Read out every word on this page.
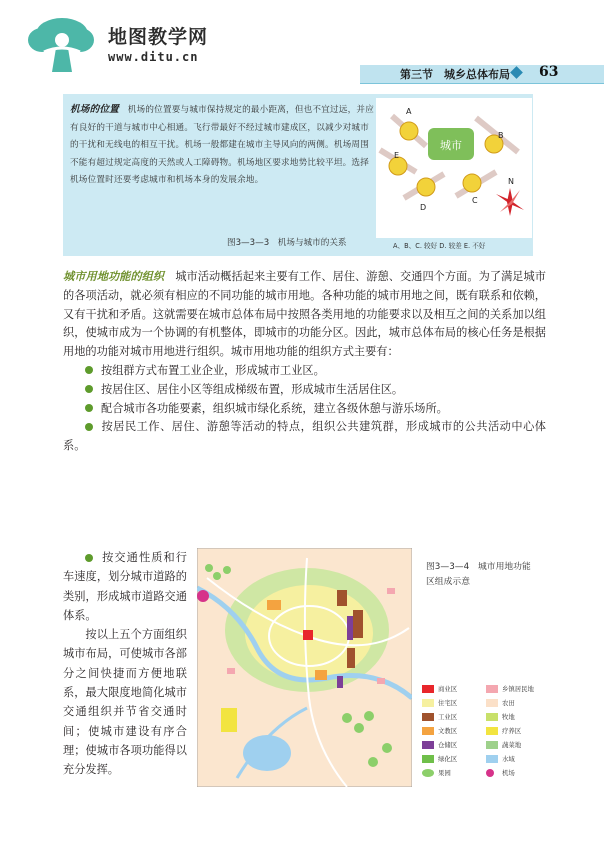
地图教学网
www.ditu.cn
第三节　城乡总体布局 63
机场的位置　 机场的位置要与城市保持规定的最小距离，但也不宜过远，并应有良好的干道与城市中心相通。飞行带最好不经过城市建成区，以减少对城市的干扰和无线电的相互干扰。机场一般都建在城市主导风向的两侧。机场周围不能有超过规定高度的天然或人工障碍物。机场地区要求地势比较平坦。选择机场位置时还要考虑城市和机场本身的发展余地。
城市
A
B
C
D
E
N
图3—3—3　机场与城市的关系	A、B、C. 较好 D. 较差 E. 不好

城市用地功能的组织　 城市活动概括起来主要有工作、居住、游憩、交通四个方面。为了满足城市的各项活动，就必须有相应的不同功能的城市用地。各种功能的城市用地之间，既有联系和依赖，又有干扰和矛盾。这就需要在城市总体布局中按照各类用地的功能要求以及相互之间的关系加以组织，使城市成为一个协调的有机整体，即城市的功能分区。因此，城市总体布局的核心任务是根据用地的功能对城市用地进行组织。城市用地功能的组织方式主要有：

按组群方式布置工业企业，形成城市工业区。

按居住区、居住小区等组成梯级布置，形成城市生活居住区。

配合城市各功能要素，组织城市绿化系统，建立各级休憩与游乐场所。

按居民工作、居住、游憩等活动的特点，组织公共建筑群，形成城市的公共活动中心体系。

按交通性质和行车速度，划分城市道路的类别，形成城市道路交通体系。

按以上五个方面组织城市布局，可使城市各部分之间快捷而方便地联系，最大限度地简化城市交通组织并节省交通时间；使城市建设有序合理；使城市各项功能得以充分发挥。

图3—3—4　城市用地功能区组成示意
商业区	乡镇居民地
住宅区	农田
工业区	牧地
文教区	疗养区
仓储区	蔬菜地
绿化区	水域
果园	机场
